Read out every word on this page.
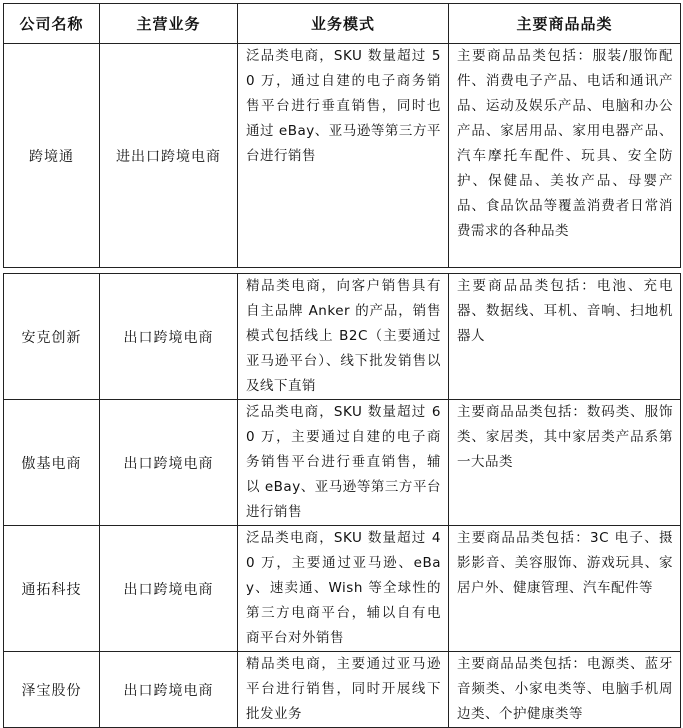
公司名称	主营业务	业务模式	主要商品品类
跨境通	进出口跨境电商	泛品类电商，SKU 数量超过 50 万，通过自建的电子商务销售平台进行垂直销售，同时也通过 eBay、亚马逊等第三方平台进行销售	主要商品品类包括：服装/服饰配件、消费电子产品、电话和通讯产品、运动及娱乐产品、电脑和办公产品、家居用品、家用电器产品、汽车摩托车配件、玩具、安全防护、保健品、美妆产品、母婴产品、食品饮品等覆盖消费者日常消费需求的各种品类
安克创新	出口跨境电商	精品类电商，向客户销售具有自主品牌 Anker 的产品，销售模式包括线上 B2C（主要通过亚马逊平台）、线下批发销售以及线下直销	主要商品品类包括：电池、充电器、数据线、耳机、音响、扫地机器人
傲基电商	出口跨境电商	泛品类电商，SKU 数量超过 60 万，主要通过自建的电子商务销售平台进行垂直销售，辅以 eBay、亚马逊等第三方平台进行销售	主要商品品类包括：数码类、服饰类、家居类，其中家居类产品系第一大品类
通拓科技	出口跨境电商	泛品类电商，SKU 数量超过 40 万，主要通过亚马逊、eBay、速卖通、Wish 等全球性的第三方电商平台，辅以自有电商平台对外销售	主要商品品类包括：3C 电子、摄影影音、美容服饰、游戏玩具、家居户外、健康管理、汽车配件等
泽宝股份	出口跨境电商	精品类电商，主要通过亚马逊平台进行销售，同时开展线下批发业务	主要商品品类包括：电源类、蓝牙音频类、小家电类等、电脑手机周边类、个护健康类等
